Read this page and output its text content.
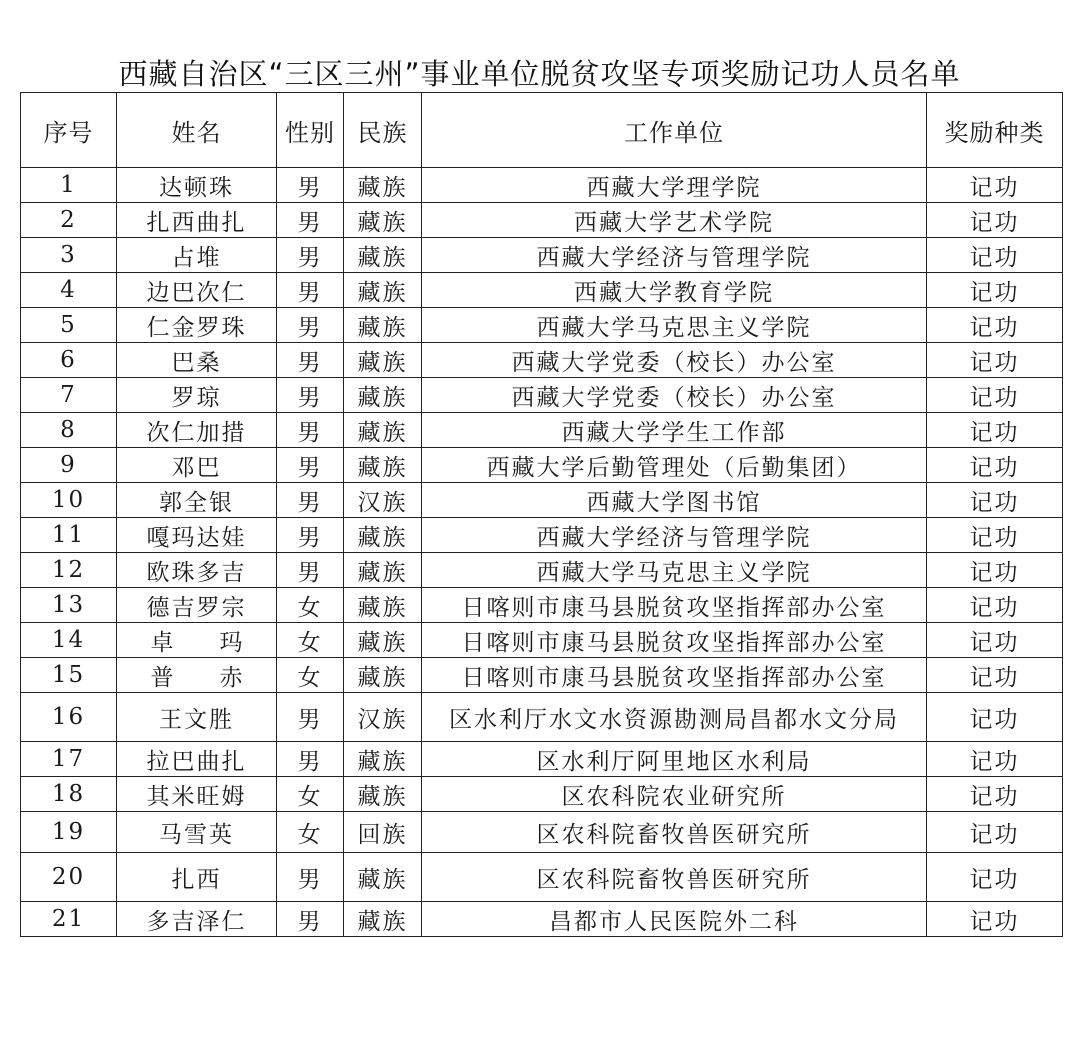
西藏自治区“三区三州”事业单位脱贫攻坚专项奖励记功人员名单
序号	姓名	性别	民族	工作单位	奖励种类
1	达顿珠	男	藏族	西藏大学理学院	记功
2	扎西曲扎	男	藏族	西藏大学艺术学院	记功
3	占堆	男	藏族	西藏大学经济与管理学院	记功
4	边巴次仁	男	藏族	西藏大学教育学院	记功
5	仁金罗珠	男	藏族	西藏大学马克思主义学院	记功
6	巴桑	男	藏族	西藏大学党委（校长）办公室	记功
7	罗琼	男	藏族	西藏大学党委（校长）办公室	记功
8	次仁加措	男	藏族	西藏大学学生工作部	记功
9	邓巴	男	藏族	西藏大学后勤管理处（后勤集团）	记功
10	郭全银	男	汉族	西藏大学图书馆	记功
11	嘎玛达娃	男	藏族	西藏大学经济与管理学院	记功
12	欧珠多吉	男	藏族	西藏大学马克思主义学院	记功
13	德吉罗宗	女	藏族	日喀则市康马县脱贫攻坚指挥部办公室	记功
14	卓　　玛	女	藏族	日喀则市康马县脱贫攻坚指挥部办公室	记功
15	普　　赤	女	藏族	日喀则市康马县脱贫攻坚指挥部办公室	记功
16	王文胜	男	汉族	区水利厅水文水资源勘测局昌都水文分局	记功
17	拉巴曲扎	男	藏族	区水利厅阿里地区水利局	记功
18	其米旺姆	女	藏族	区农科院农业研究所	记功
19	马雪英	女	回族	区农科院畜牧兽医研究所	记功
20	扎西	男	藏族	区农科院畜牧兽医研究所	记功
21	多吉泽仁	男	藏族	昌都市人民医院外二科	记功
